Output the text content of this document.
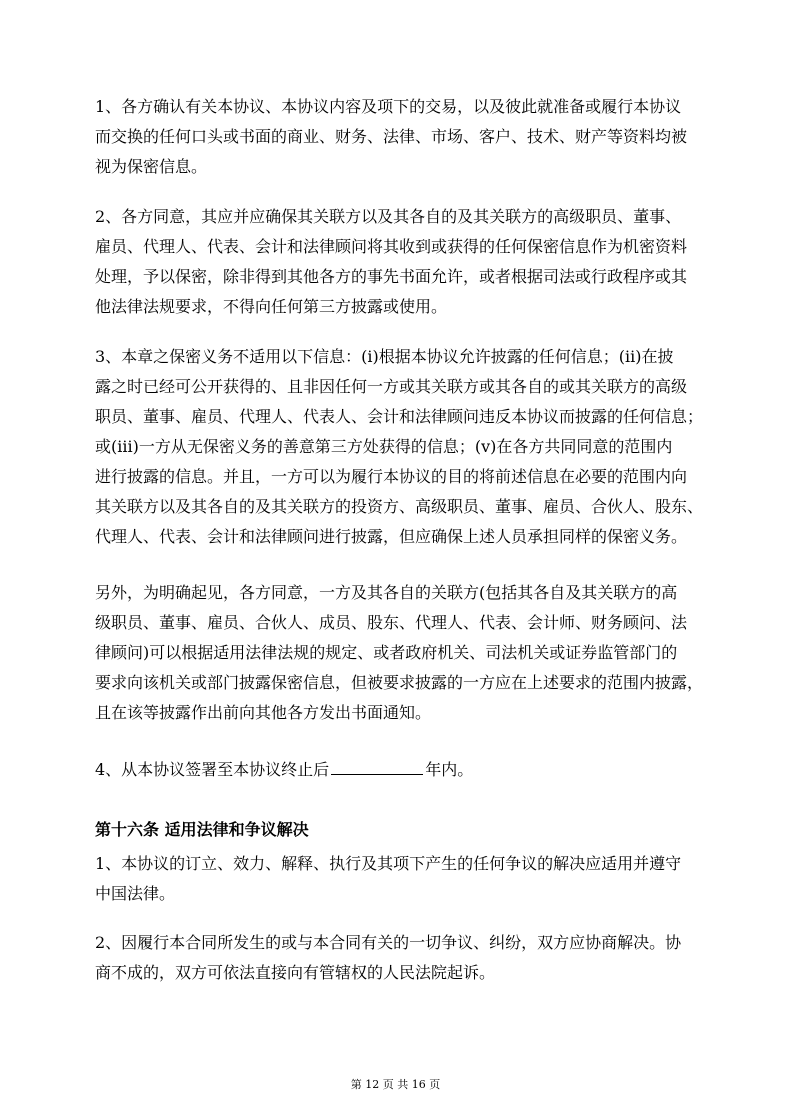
1、各方确认有关本协议、本协议内容及项下的交易，以及彼此就准备或履行本协议
而交换的任何口头或书面的商业、财务、法律、市场、客户、技术、财产等资料均被
视为保密信息。
2、各方同意，其应并应确保其关联方以及其各自的及其关联方的高级职员、董事、
雇员、代理人、代表、会计和法律顾问将其收到或获得的任何保密信息作为机密资料
处理，予以保密，除非得到其他各方的事先书面允许，或者根据司法或行政程序或其
他法律法规要求，不得向任何第三方披露或使用。
3、本章之保密义务不适用以下信息：(i)根据本协议允许披露的任何信息；(ii)在披
露之时已经可公开获得的、且非因任何一方或其关联方或其各自的或其关联方的高级
职员、董事、雇员、代理人、代表人、会计和法律顾问违反本协议而披露的任何信息；
或(iii)一方从无保密义务的善意第三方处获得的信息；(v)在各方共同同意的范围内
进行披露的信息。并且，一方可以为履行本协议的目的将前述信息在必要的范围内向
其关联方以及其各自的及其关联方的投资方、高级职员、董事、雇员、合伙人、股东、
代理人、代表、会计和法律顾问进行披露，但应确保上述人员承担同样的保密义务。
另外，为明确起见，各方同意，一方及其各自的关联方(包括其各自及其关联方的高
级职员、董事、雇员、合伙人、成员、股东、代理人、代表、会计师、财务顾问、法
律顾问)可以根据适用法律法规的规定、或者政府机关、司法机关或证券监管部门的
要求向该机关或部门披露保密信息，但被要求披露的一方应在上述要求的范围内披露，
且在该等披露作出前向其他各方发出书面通知。
4、从本协议签署至本协议终止后	年内。
第十六条 适用法律和争议解决
1、本协议的订立、效力、解释、执行及其项下产生的任何争议的解决应适用并遵守
中国法律。
2、因履行本合同所发生的或与本合同有关的一切争议、纠纷，双方应协商解决。协
商不成的，双方可依法直接向有管辖权的人民法院起诉。
第 12 页 共 16 页
